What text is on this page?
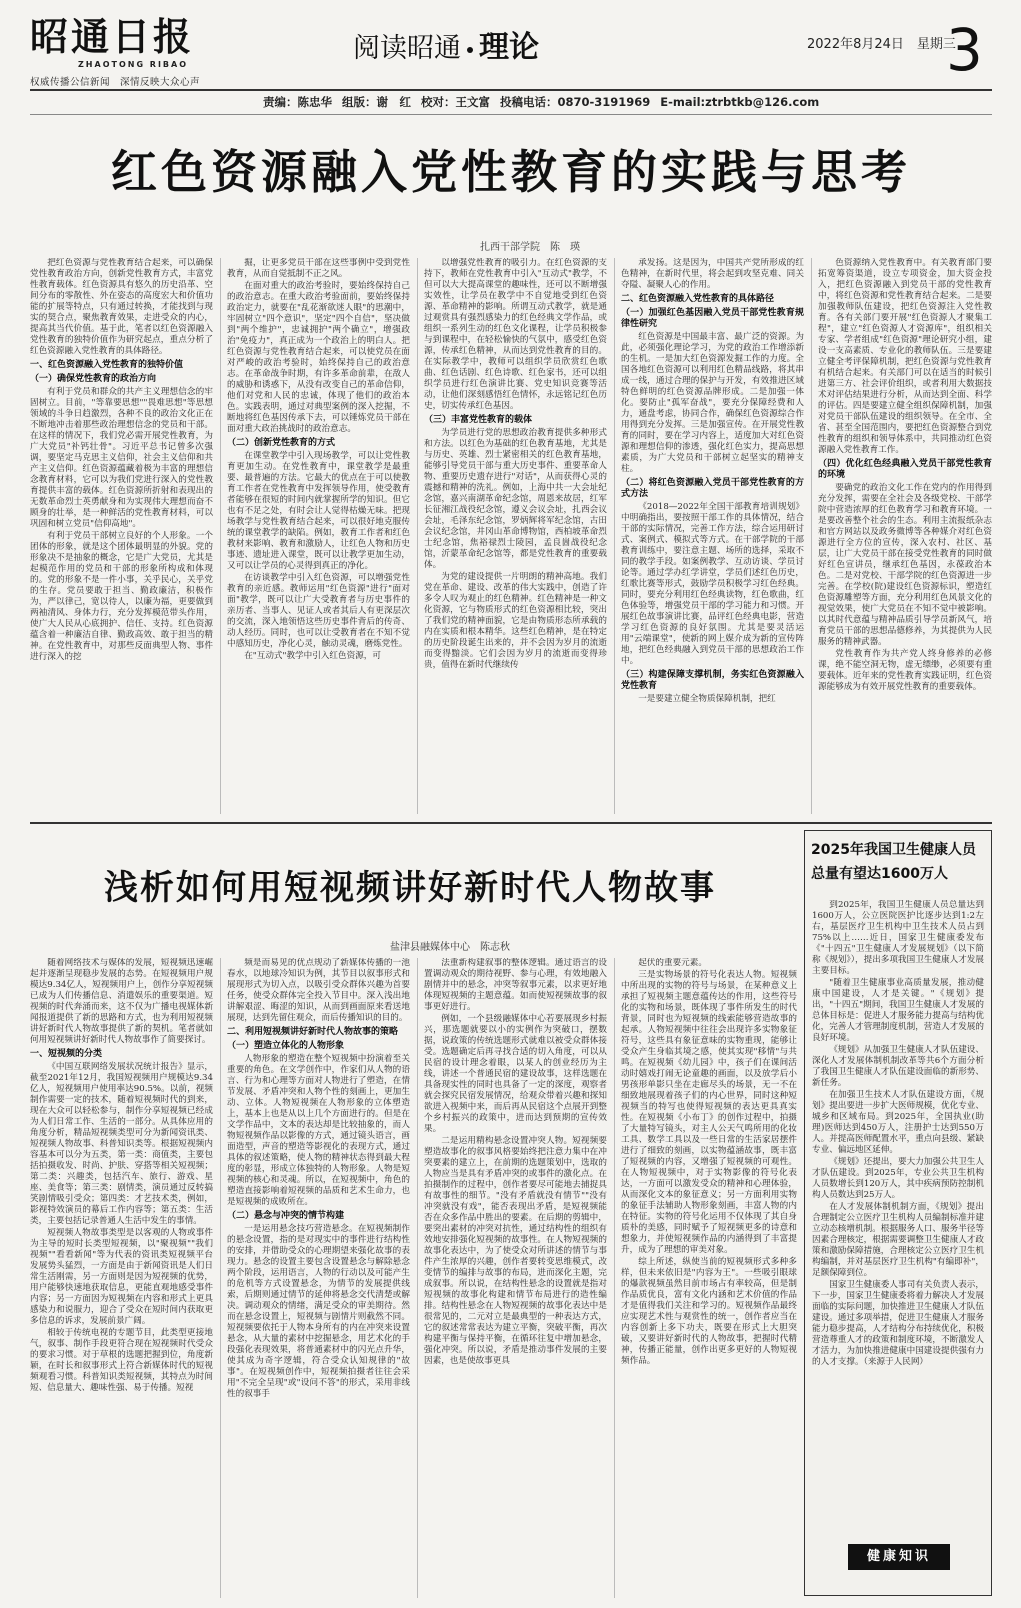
昭通日报
ZHAOTONG RIBAO
权威传播公信新闻　深情反映大众心声
阅读昭通 理论	2022年8月24日　星期三
3
责编：陈忠华 组版：谢　红 校对：王文富 投稿电话：0870-3191969 E-mail:ztrbtkb@126.com
红色资源融入党性教育的实践与思考
扎西干部学院　陈　瑛

把红色资源与党性教育结合起来，可以确保党性教育政治方向，创新党性教育方式，丰富党性教育载体。红色资源具有悠久的历史沿革、空间分布的零散性、外在姿态的高度宏大和价值功能的扩展等特点，只有通过转换，才能找到与现实的契合点，聚焦教育效果，走进受众的内心，提高其当代价值。基于此，笔者以红色资源融入党性教育的独特价值作为研究起点，重点分析了红色资源融入党性教育的具体路径。

一、红色资源融入党性教育的独特价值
（一）确保党性教育的政治方向

有利于党员和群众的共产主义理想信念的牢固树立。目前，"等靠要思想""畏难思想"等思想领域的斗争日趋激烈，各种不良的政治文化正在不断地冲击着那些政治理想信念的党员和干部。在这样的情况下，我们党必需开展党性教育，为广大党员"补钙壮骨"。习近平总书记曾多次强调，要坚定马克思主义信仰，社会主义信仰和共产主义信仰。红色资源蕴藏着极为丰富的理想信念教育材料，它可以为我们党进行深入的党性教育提供丰富的载体。红色资源所折射和表现出的无数革命烈士英勇献身和为实现伟大理想而奋不顾身的壮举，是一种鲜活的党性教育材料，可以巩固和树立党员"信仰高地"。

有利于党员干部树立良好的个人形象。一个团体的形象，就是这个团体最明显的外貌。党的形象决不是抽象的概念，它是广大党员，尤其是起模范作用的党员和干部的形象所构成和体现的。党的形象不是一件小事，关乎民心，关乎党的生存。党员要敢于担当、勤政廉洁，积极作为，严以律己，宽以待人，以廉为福，更要做到两袖清风、身体力行，充分发挥模范带头作用，使广大人民从心底拥护、信任、支持。红色资源蕴含着一种廉洁自律、勤政高效、敢于担当的精神。在党性教育中，对那些反面典型人物、事件进行深入的挖

掘，让更多党员干部在这些事例中受到党性教育，从而自觉抵制不正之风。

在面对重大的政治考验时，要始终保持自己的政治意志。在重大政治考验面前，要始终保持政治定力，就要在"乱花渐欲迷人眼"的思潮中，牢固树立"四个意识"，坚定"四个自信"，坚决做到"两个维护"，忠诚拥护"两个确立"，增强政治"免疫力"，真正成为一个政治上的明白人。把红色资源与党性教育结合起来，可以使党员在面对严峻的政治考验时，始终保持自己的政治意志。在革命战争时期，有许多革命前辈，在敌人的威胁和诱惑下，从没有改变自己的革命信仰，他们对党和人民的忠诚，体现了他们的政治本色。实践表明，通过对典型案例的深入挖掘，不断地将红色基因传承下去，可以锤炼党员干部在面对重大政治挑战时的政治意志。

（二）创新党性教育的方式

在课堂教学中引入现场教学，可以让党性教育更加生动。在党性教育中，课堂教学是最重要、最普遍的方法。它最大的优点在于可以使教育工作者在党性教育中发挥领导作用，使受教育者能够在很短的时间内就掌握所学的知识。但它也有不足之处，有时会让人觉得枯燥无味。把现场教学与党性教育结合起来，可以很好地克服传统的课堂教学的缺陷。例如，教育工作者和红色教材来影响、教育和激励人，让红色人物和历史事迹、遗址进入课堂，既可以让教学更加生动，又可以让学员的心灵得到真正的净化。

在访谈教学中引入红色资源，可以增强党性教育的亲近感。教师运用"红色资源"进行"面对面"教学，既可以让广大受教育者与历史事件的亲历者、当事人、见证人或者其后人有更深层次的交流，深入地领悟这些历史事件背后的传奇、动人经历。同时，也可以让受教育者在不知不觉中感知历史，净化心灵，触动灵魂，磨炼党性。

在"互动式"教学中引入红色资源，可

以增强党性教育的吸引力。在红色资源的支持下，教师在党性教育中引入"互动式"教学，不但可以大大提高课堂的趣味性，还可以不断增强实效性，让学员在教学中不自觉地受到红色资源、革命精神的影响。所谓互动式教学，就是通过观赏具有强烈感染力的红色经典文学作品，或组织一系列生动的红色文化课程，让学员积极参与到课程中，在轻松愉快的气氛中，感受红色资源，传承红色精神，从而达到党性教育的目的。在实际教学中，教师可以组织学员欣赏红色歌曲、红色话剧、红色诗歌、红色家书，还可以组织学员进行红色演讲比赛、党史知识竞赛等活动，让他们深刻感悟红色情怀，永远铭记红色历史，切实传承红色基因。

（三）丰富党性教育的载体

为学员进行党的思想政治教育提供多种形式和方法。以红色为基础的红色教育基地，尤其是与历史、英雄、烈士紧密相关的红色教育基地，能够引导党员干部与重大历史事件、重要革命人物、重要历史遗存进行"对话"，从而获得心灵的震撼和精神的洗礼。例如，上海中共一大会址纪念馆，嘉兴南湖革命纪念馆，周恩来故居，红军长征湘江战役纪念馆，遵义会议会址，扎西会议会址，毛泽东纪念馆，罗炳辉将军纪念馆，古田会议纪念馆，井冈山革命博物馆，西柏坡革命烈士纪念馆，焦裕禄烈士陵园，孟良崮战役纪念馆，沂蒙革命纪念馆等，都是党性教育的重要载体。

为党的建设提供一片明朗的精神高地。我们党在革命、建设、改革的伟大实践中，创造了许多令人叹为观止的红色精神。红色精神是一种文化资源，它与物质形式的红色资源相比较，突出了我们党的精神面貌，它是由物质形态所承载的内在实质和根本精华。这些红色精神，是在特定的历史阶段诞生出来的，并不会因为岁月的流逝而变得黯淡。它们会因为岁月的流逝而变得珍贵，值得在新时代继续传

承发扬。这是因为，中国共产党所形成的红色精神，在新时代里，将会起到攻坚克难、同关夺隘、凝聚人心的作用。

二、红色资源融入党性教育的具体路径
（一）加强红色基因融入党员干部党性教育规律性研究

红色资源是中国最丰富、最广泛的资源。为此，必须强化理论学习，为党的政治工作增添新的生机。一是加大红色资源发掘工作的力度。全国各地红色资源可以利用红色精品线路，将其串成一线，通过合理的保护与开发，有效推进区域特色鲜明的红色资源品牌形成。二是加强一体化。要防止"孤军奋战"，要充分保障经费和人力，通盘考虑，协同合作，确保红色资源综合作用得到充分发挥。三是加强宣传。在开展党性教育的同时，要在学习内容上，适度加大对红色资源和理想信仰的渗透，强化红色实力，提高思想素质，为广大党员和干部树立起坚实的精神支柱。

（二）将红色资源融入党员干部党性教育的方式方法

《2018—2022年全国干部教育培训规划》中明确指出，要按照干部工作的具体情况，结合干部的实际情况，完善工作方法，综合运用研讨式、案例式、模拟式等方式。在干部学院的干部教育训练中，要注意主题、场所的选择，采取不同的教学手段。如案例教学、互动访谈、学员讨论等。通过学办红学讲堂，学员们述红色历史，红歌比赛等形式，鼓励学员积极学习红色经典。同时，要充分利用红色经典读物，红色歌曲，红色体验等，增强党员干部的学习能力和习惯。开展红色故事演讲比赛，品评红色经典电影，营造学习红色资源的良好氛围。尤其是要灵活运用"云端课堂"，使新的网上媒介成为新的宣传阵地，把红色经典融入到党员干部的思想政治工作中。

（三）构建保障支撑机制，务实红色资源融入党性教育

一是要建立健全物质保障机制，把红

色资源纳入党性教育中。有关教育部门要拓宽筹资渠道，设立专项资金，加大资金投入，把红色资源融入到党员干部的党性教育中，将红色资源和党性教育结合起来。二是要加强教师队伍建设，把红色资源注入党性教育。各有关部门要开展"红色资源人才聚集工程"，建立"红色资源人才资源库"，组织相关专家、学者组成"红色资源"理论研究小组，建设一支高素质、专业化的教师队伍。三是要建立健全考评保障机制，把红色资源与党性教育有机结合起来。有关部门可以在适当的时候引进第三方、社会评价组织，或者利用大数据技术对评估结果进行分析，从而达到全面、科学的评估。四是要建立健全组织保障机制，加强对党员干部队伍建设的组织领导。在全市、全省、甚至全国范围内，要把红色资源整合到党性教育的组织和领导体系中，共同推动红色资源融入党性教育工作。

（四）优化红色经典融入党员干部党性教育的环境

要确党的政治文化工作在党内的作用得到充分发挥，需要在全社会及各级党校、干部学院中营造浓厚的红色教育学习和教育环境。一是要改善整个社会的生态。利用主流报纸杂志和官方网站以及政务微博等各种媒介对红色资源进行全方位的宣传，深入农村、社区、基层，让广大党员干部在接受党性教育的同时做好红色宣讲员，继承红色基因，永葆政治本色。二是对党校、干部学院的红色资源进一步完善。在学校(院)建设红色资源标识，塑造红色资源雕塑等方面，充分利用红色风景文化的视觉效果，使广大党员在不知不觉中被影响。以其时代意蕴与精神品质引导学员新风气，培育党员干部的思想品德修养，为其提供为人民服务的精神武器。

党性教育作为共产党人终身修养的必修课，绝不能空洞无物，虚无缥缈，必须要有重要载体。近年来的党性教育实践证明，红色资源能够成为有效开展党性教育的重要载体。

浅析如何用短视频讲好新时代人物故事
盐津县融媒体中心　陈志秋

随着网络技术与媒体的发展，短视频迅速崛起并逐渐呈现稳步发展的态势。在短视频用户规模达9.34亿人，短视频用户上，创作分享短视频已成为人们传播信息、消遣娱乐的重要渠道。短视频的时代奔涌而来，这不仅为广播电视媒体新闻报道提供了新的思路和方式，也为利用短视频讲好新时代人物故事提供了新的契机。笔者就如何用短视频讲好新时代人物故事作了简要探讨。

一、短视频的分类

《中国互联网络发展状况统计报告》显示，截至2021年12月，我国短视频用户规模达9.34亿人，短视频用户使用率达90.5%。以前，视频制作需要一定的技术，随着短视频时代的到来，现在大众可以轻松参与，制作分享短视频已经成为人们日常工作、生活的一部分。从具体应用的角度分析，精品短视频类型可分为新闻资讯类、短视频人物故事、科普知识类等。根据短视频内容基本可以分为五类，第一类：商值类，主要包括拍摄收发、时尚、护肤、穿搭等相关短视频；第二类：兴趣类，包括汽车、旅行、游戏、星座、美食等；第三类：剧情类，演员通过反转搞笑剧情吸引受众；第四类：才艺技术类，例如，影视特效演员的幕后工作内容等；第五类：生活类，主要包括记录普通人生活中发生的事情。

短视频人物故事类型是以客观的人物或事件为主导的短时长类型短视频，以"聚视频""我们视频""看看新闻"等为代表的资讯类短视频平台发展势头猛烈，一方面是由于新闻资讯是人们日常生活刚需，另一方面则是因为短视频的优势，用户能够快速地获取信息，更能直观地感受事件内容；另一方面因为短视频在内容和形式上更具感染力和说服力，迎合了受众在短时间内获取更多信息的诉求，发展前景广阔。

相较于传统电视的专题节目，此类型更接地气，叙事、制作手段更符合现在短视频时代受众的要求习惯。对于草根的选题把握到位，角度新颖，在时长和叙事形式上符合新媒体时代的短视频观看习惯。科普知识类短视频，其特点为时间短、信息量大、趣味性强、易于传播。短视

频是而易见的优点规动了新媒体传播的一池春水，以地球冷知识为例，其节目以叙事形式和展现形式为切入点，以吸引受众群体兴趣为首要任务，使受众群体完全投入节目中。深入浅出地讲解艰涩、晦涩的知识，从而到画面原来看送地展现，达到先留住观众，而后传播知识的目的。

二、利用短视频讲好新时代人物故事的策略
（一）塑造立体化的人物形象

人物形象的塑造在整个短视频中扮演着至关重要的角色。在文学创作中，作家们从人物的语言、行为和心理等方面对人物进行了塑造，在情节发展、矛盾冲突和人物个性的刻画上，更加生动、立体。人物短视频在人物形象的立体塑造上，基本上也是从以上几个方面进行的。但是在文学作品中，文本的表达却是比较抽象的，而人物短视频作品以影像的方式，通过镜头语言，画面造型，声音的塑造等影视化的表现方式，通过具体的叙述策略，使人物的精神状态得到最大程度的彰显，形成立体独特的人物形象。人物是短视频的核心和灵魂。所以，在短视频中，角色的塑造直接影响着短视频的品质和艺术生命力，也是短视频的成败所在。

（二）悬念与冲突的情节构建

一是运用悬念技巧营造悬念。在短视频制作的悬念设置，指的是对现实中的事件进行结构性的安排，并借助受众的心理期望来强化故事的表现力。悬念的设置主要包含设置悬念与解除悬念两个阶段，运用语言，人物的行动以及可能产生的危机等方式设置悬念，为情节的发展提供线索，后期则通过情节的延伸将悬念交代清楚或解决。调动观众的情绪，满足受众的审美期待。然而在悬念设置上，短视频与剧情片则截然不同。短视频要依托于人物本身所有的内在冲突来设置悬念，从大量的素材中挖掘悬念，用艺术化的手段强化表现效果，将普通素材中的闪光点升华，使其成为奇字逻辑，符合受众认知规律的"故事"。在短视频创作中，短视频拍摄者往往会采用"不完全呈现"或"设问不答"的形式，采用非线性的叙事手

法重新构建叙事的整体逻辑。通过语言的设置调动观众的期待视野、参与心理，有效地融入剧情并中的悬念，冲突等叙事元素，以求更好地体现短视频的主题意蕴。如而使短视频故事的叙事更好进行。

例如，一个县级融媒体中心若要展现乡村振兴，那选题就要以小的实例作为突破口，摆数据，说政策的传统选题形式就难以被受众群体接受。选题确定后再寻找合适的切入角度，可以从民宿的设计理念着眼，以某人的创业经历为主线，讲述一个普通民宿的建设故事，这样选题在具备现实性的同时也具备了一定的深度，观察者就会探究民宿发展情况，给观众带着兴趣和探知欲进入视频中来，而后再从民宿这个点展开到整个乡村振兴的政策中，进而达到预期的宣传效果。

二是运用精构悬念设置冲突人物。短视频要塑造故事化的叙事风格要始终把注意力集中在冲突要素的建立上，在前期的选题策划中，选取的人物应当是具有矛盾冲突的或事件的激化点。在拍摄制作的过程中，创作者要尽可能地去捕捉具有故事性的细节。"没有矛盾就没有情节""没有冲突就没有戏"，能否表现出矛盾，是短视频能否在众多作品中胜出的要素。在后期的剪辑中，要突出素材的冲突对抗性，通过结构性的组织有效地安排强化短视频的故事性。在人物短视频的故事化表达中，为了使受众对所讲述的情节与事件产生浓厚的兴趣，创作者要转变思维模式，改变情节的编排与故事的布局，进而深化主题，完成叙事。所以说，在结构性悬念的设置就是指对短视频的故事化构建和情节布局进行的造性编排。结构性悬念在人物短视频的故事化表达中是很常见的，二元对立是最典型的一种表达方式，它的叙述常常表达为建立平衡，突破平衡，再次构建平衡与保持平衡，在循环往复中增加悬念，强化冲突。所以说，矛盾是推动事件发展的主要因素，也是使故事更具

起伏的重要元素。

三是实物场景的符号化表达人物。短视频中所出现的实物的符号与场景，在某种意义上承担了短视频主题意蕴传达的作用，这些符号化的实物和场景，既体现了事件所发生的时代背景，同时也为短视频的线索能够营造故事的起承。人物短视频中往往会出现许多实物象征符号，这些具有象征意味的实物重现，能够让受众产生身临其境之感，使其实现"移情"与共鸣。在短视频《幼儿园》中，孩子们在课间活动时嬉戏打闹无论童趣的画面，以及放学后小男孩形单影只坐在走廊尽头的场景，无一不在细致地展现着孩子们的内心世界，同时这种短视频当的特写也使得短视频的表达更具真实性。在短视频《小布丁》的创作过程中，拍摄了大量特写镜头，对主人公天气鸣所用的化妆工具、数学工具以及一些日常的生活家居摆件进行了细致的刻画，以实物蕴涵故事，既丰富了短视频的内容，又增强了短视频的可观性。在人物短视频中，对于实物影像的符号化表达，一方面可以激发受众的精神和心理体验，从而深化文本的象征意义；另一方面利用实物的象征手法辅助人物形象刻画，丰富人物的内在特征。实物的符号化运用不仅体现了其自身质朴的美感，同时赋予了短视频更多的诗意和想象力，并使短视频作品的内涵得到了丰富提升，成为了理想的审美对象。

综上所述，纵使当前的短视频形式多种多样，但未来依旧是"内容为王"。一些吸引眼球的爆款视频虽然目前市场占有率较高，但是制作品质优良，富有文化内涵和艺术价值的作品才是值得我们关注和学习的。短视频作品最终应实现艺术性与观赏性的统一，创作者应当在内容创新上多下功夫，既要在形式上大胆突破，又要讲好新时代的人物故事，把握时代精神，传播正能量，创作出更多更好的人物短视频作品。

2025年我国卫生健康人员总量有望达1600万人

到2025年，我国卫生健康人员总量达到1600万人，公立医院医护比逐步达到1:2左右，基层医疗卫生机构中卫生技术人员占到75%以上……近日，国家卫生健康委发布《"十四五"卫生健康人才发展规划》（以下简称《规划》），提出多项我国卫生健康人才发展主要目标。

"随着卫生健康事业高质量发展，推动健康中国建设，人才是关键。"《规划》提出，"十四五"期间，我国卫生健康人才发展的总体目标是：促进人才服务能力提高与结构优化，完善人才管理制度机制，营造人才发展的良好环境。

《规划》从加强卫生健康人才队伍建设、深化人才发展体制机制改革等共6个方面分析了我国卫生健康人才队伍建设面临的新形势、新任务。

在加强卫生技术人才队伍建设方面，《规划》提出要进一步扩大医师规模，优化专业、城乡和区域布局。到2025年，全国执业(助理)医师达到450万人，注册护士达到550万人。并提高医师配置水平，重点向县级、紧缺专业、偏远地区延伸。

《规划》还提出，要大力加强公共卫生人才队伍建设。到2025年，专业公共卫生机构人员数增长到120万人，其中疾病预防控制机构人员数达到25万人。

在人才发展体制机制方面，《规划》提出合理制定公立医疗卫生机构人员编制标准并建立动态核增机制。根据服务人口、服务半径等因素合理核定，根据需要调整卫生健康人才政策和激励保障措施，合理核定公立医疗卫生机构编制，并对基层医疗卫生机构"有编即补"，足额保障到位。

国家卫生健康委人事司有关负责人表示，下一步，国家卫生健康委将着力解决人才发展面临的实际问题，加快推进卫生健康人才队伍建设。通过多项举措，促进卫生健康人才服务能力稳步提高，人才结构分布持续优化，积极营造尊重人才的政策和制度环境，不断激发人才活力，为加快推进健康中国建设提供强有力的人才支撑。（来源于人民网）

健康知识
